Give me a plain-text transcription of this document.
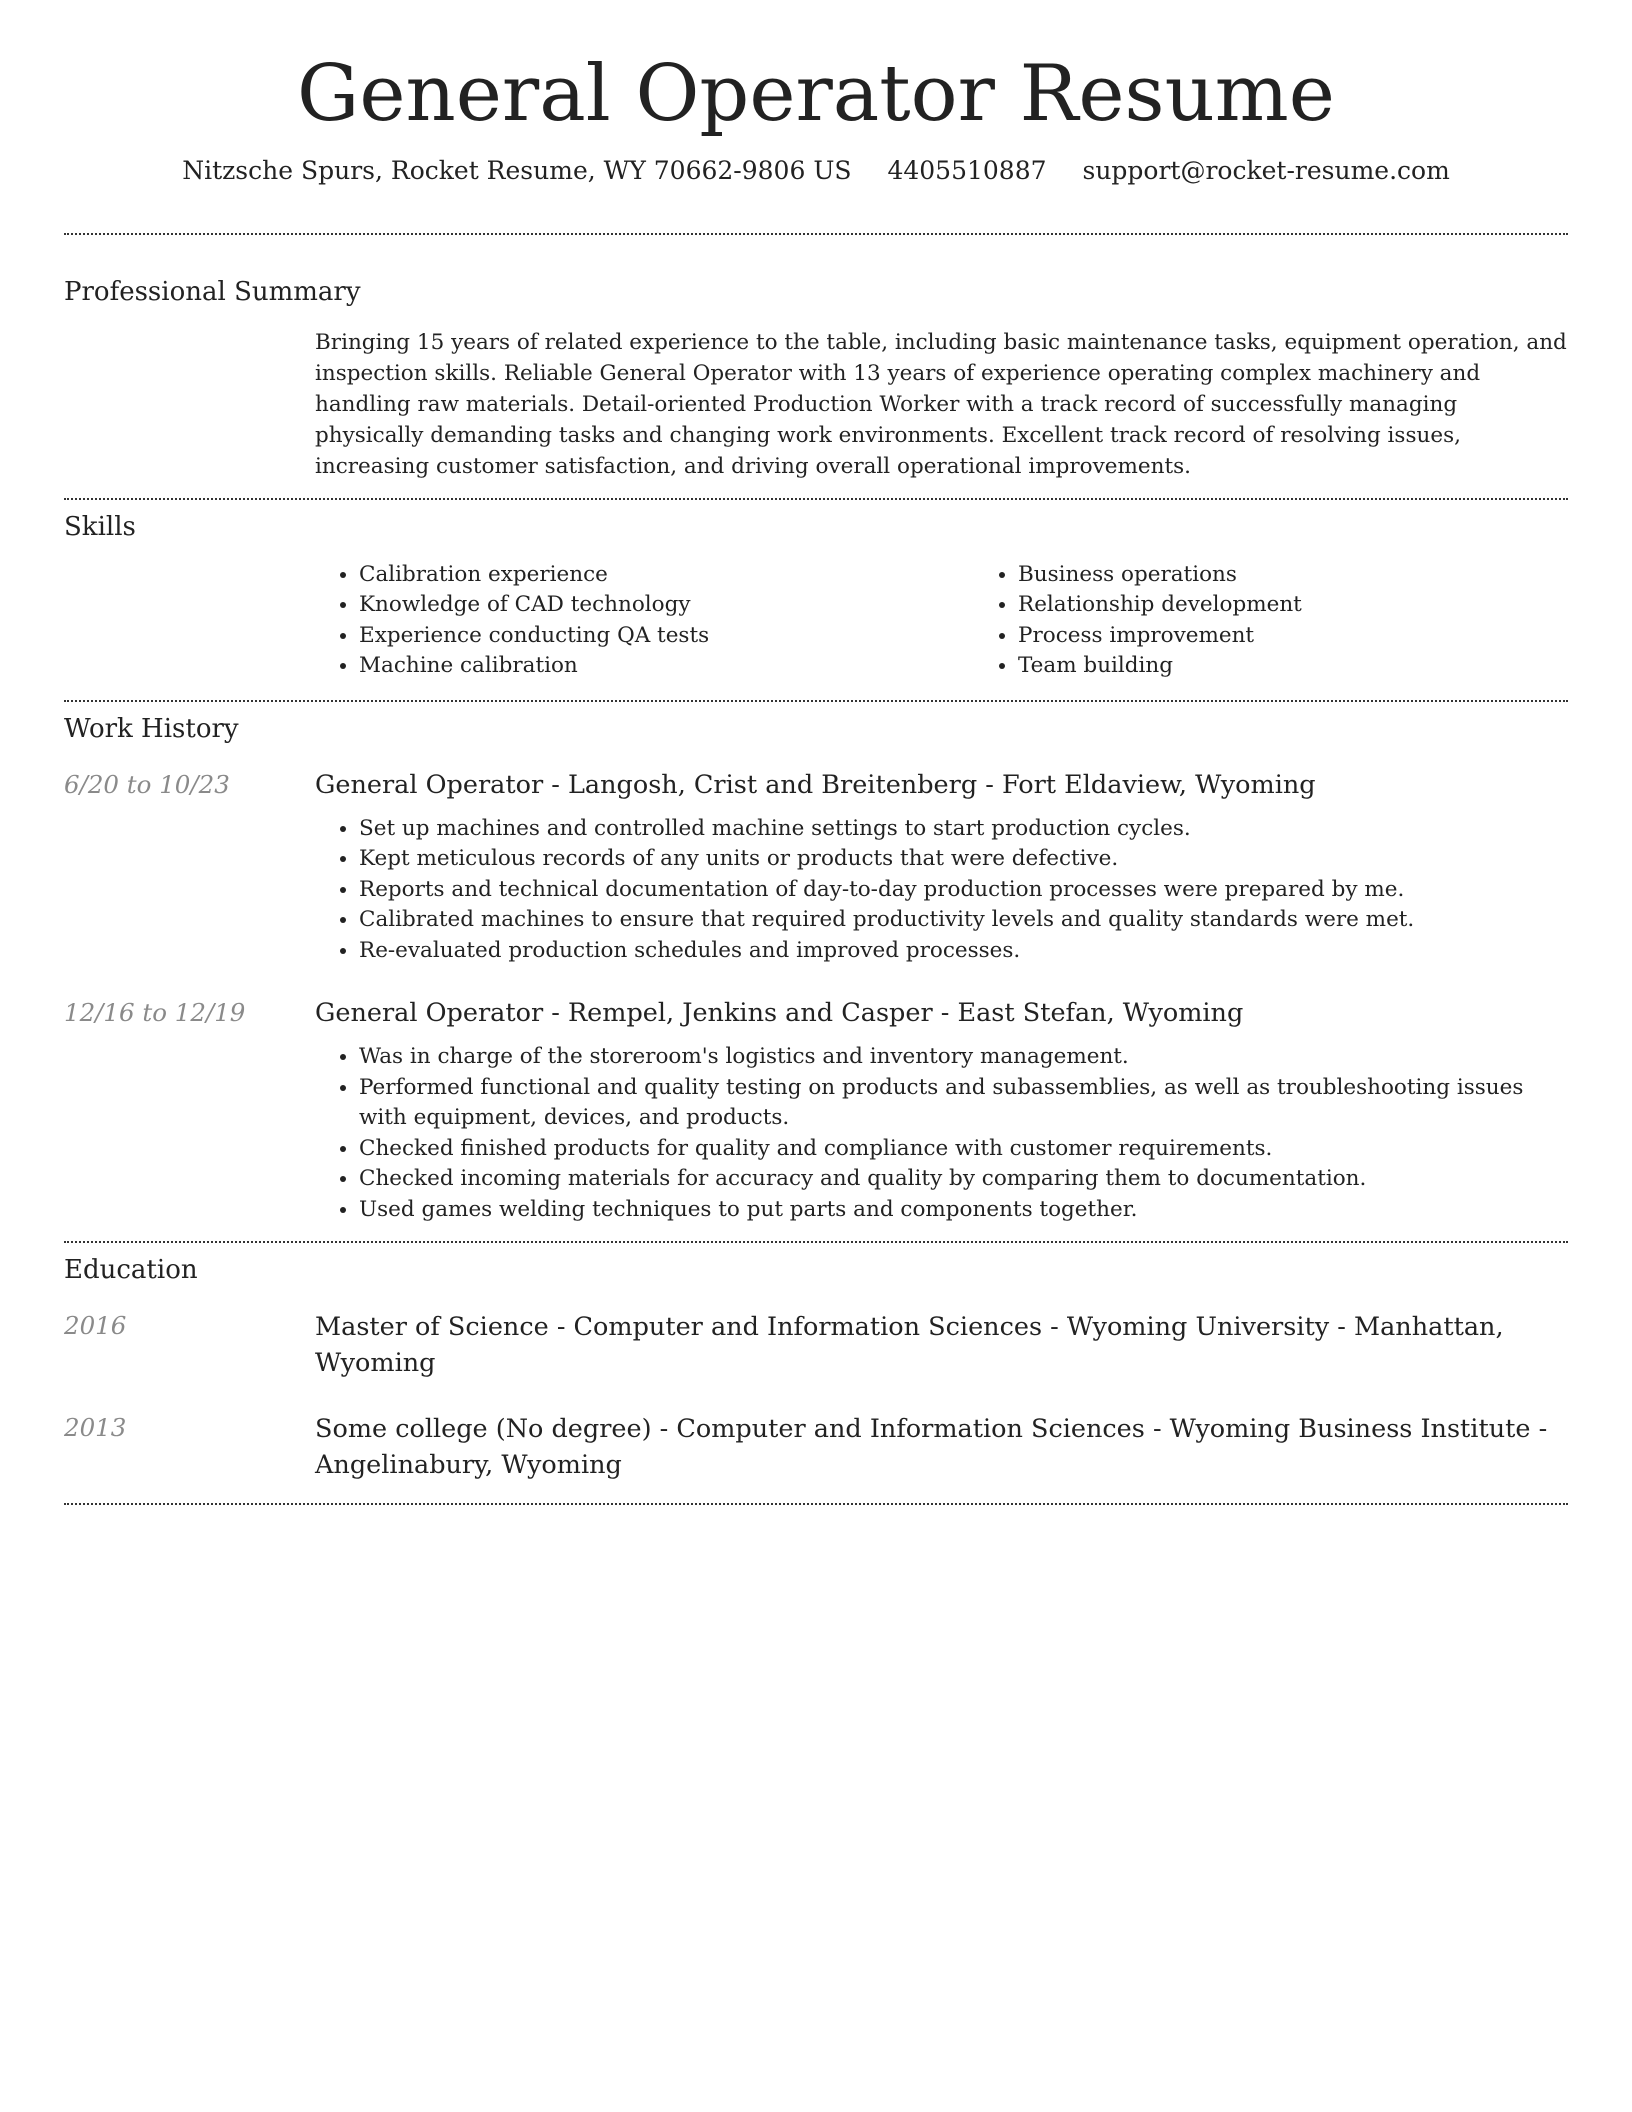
General Operator Resume
Nitzsche Spurs, Rocket Resume, WY 70662-9806 US 4405510887 support@rocket-resume.com
Professional Summary
Bringing 15 years of related experience to the table, including basic maintenance tasks, equipment operation, and inspection skills. Reliable General Operator with 13 years of experience operating complex machinery and handling raw materials. Detail-oriented Production Worker with a track record of successfully managing physically demanding tasks and changing work environments. Excellent track record of resolving issues, increasing customer satisfaction, and driving overall operational improvements.
Skills
• Calibration experience
• Knowledge of CAD technology
• Experience conducting QA tests
• Machine calibration
• Business operations
• Relationship development
• Process improvement
• Team building
Work History
6/20 to 10/23	General Operator - Langosh, Crist and Breitenberg - Fort Eldaview, Wyoming
• Set up machines and controlled machine settings to start production cycles.
• Kept meticulous records of any units or products that were defective.
• Reports and technical documentation of day-to-day production processes were prepared by me.
• Calibrated machines to ensure that required productivity levels and quality standards were met.
• Re-evaluated production schedules and improved processes.
12/16 to 12/19	General Operator - Rempel, Jenkins and Casper - East Stefan, Wyoming
• Was in charge of the storeroom's logistics and inventory management.
• Performed functional and quality testing on products and subassemblies, as well as troubleshooting issues with equipment, devices, and products.
• Checked finished products for quality and compliance with customer requirements.
• Checked incoming materials for accuracy and quality by comparing them to documentation.
• Used games welding techniques to put parts and components together.
Education
2016	Master of Science - Computer and Information Sciences - Wyoming University - Manhattan, Wyoming
2013	Some college (No degree) - Computer and Information Sciences - Wyoming Business Institute - Angelinabury, Wyoming
